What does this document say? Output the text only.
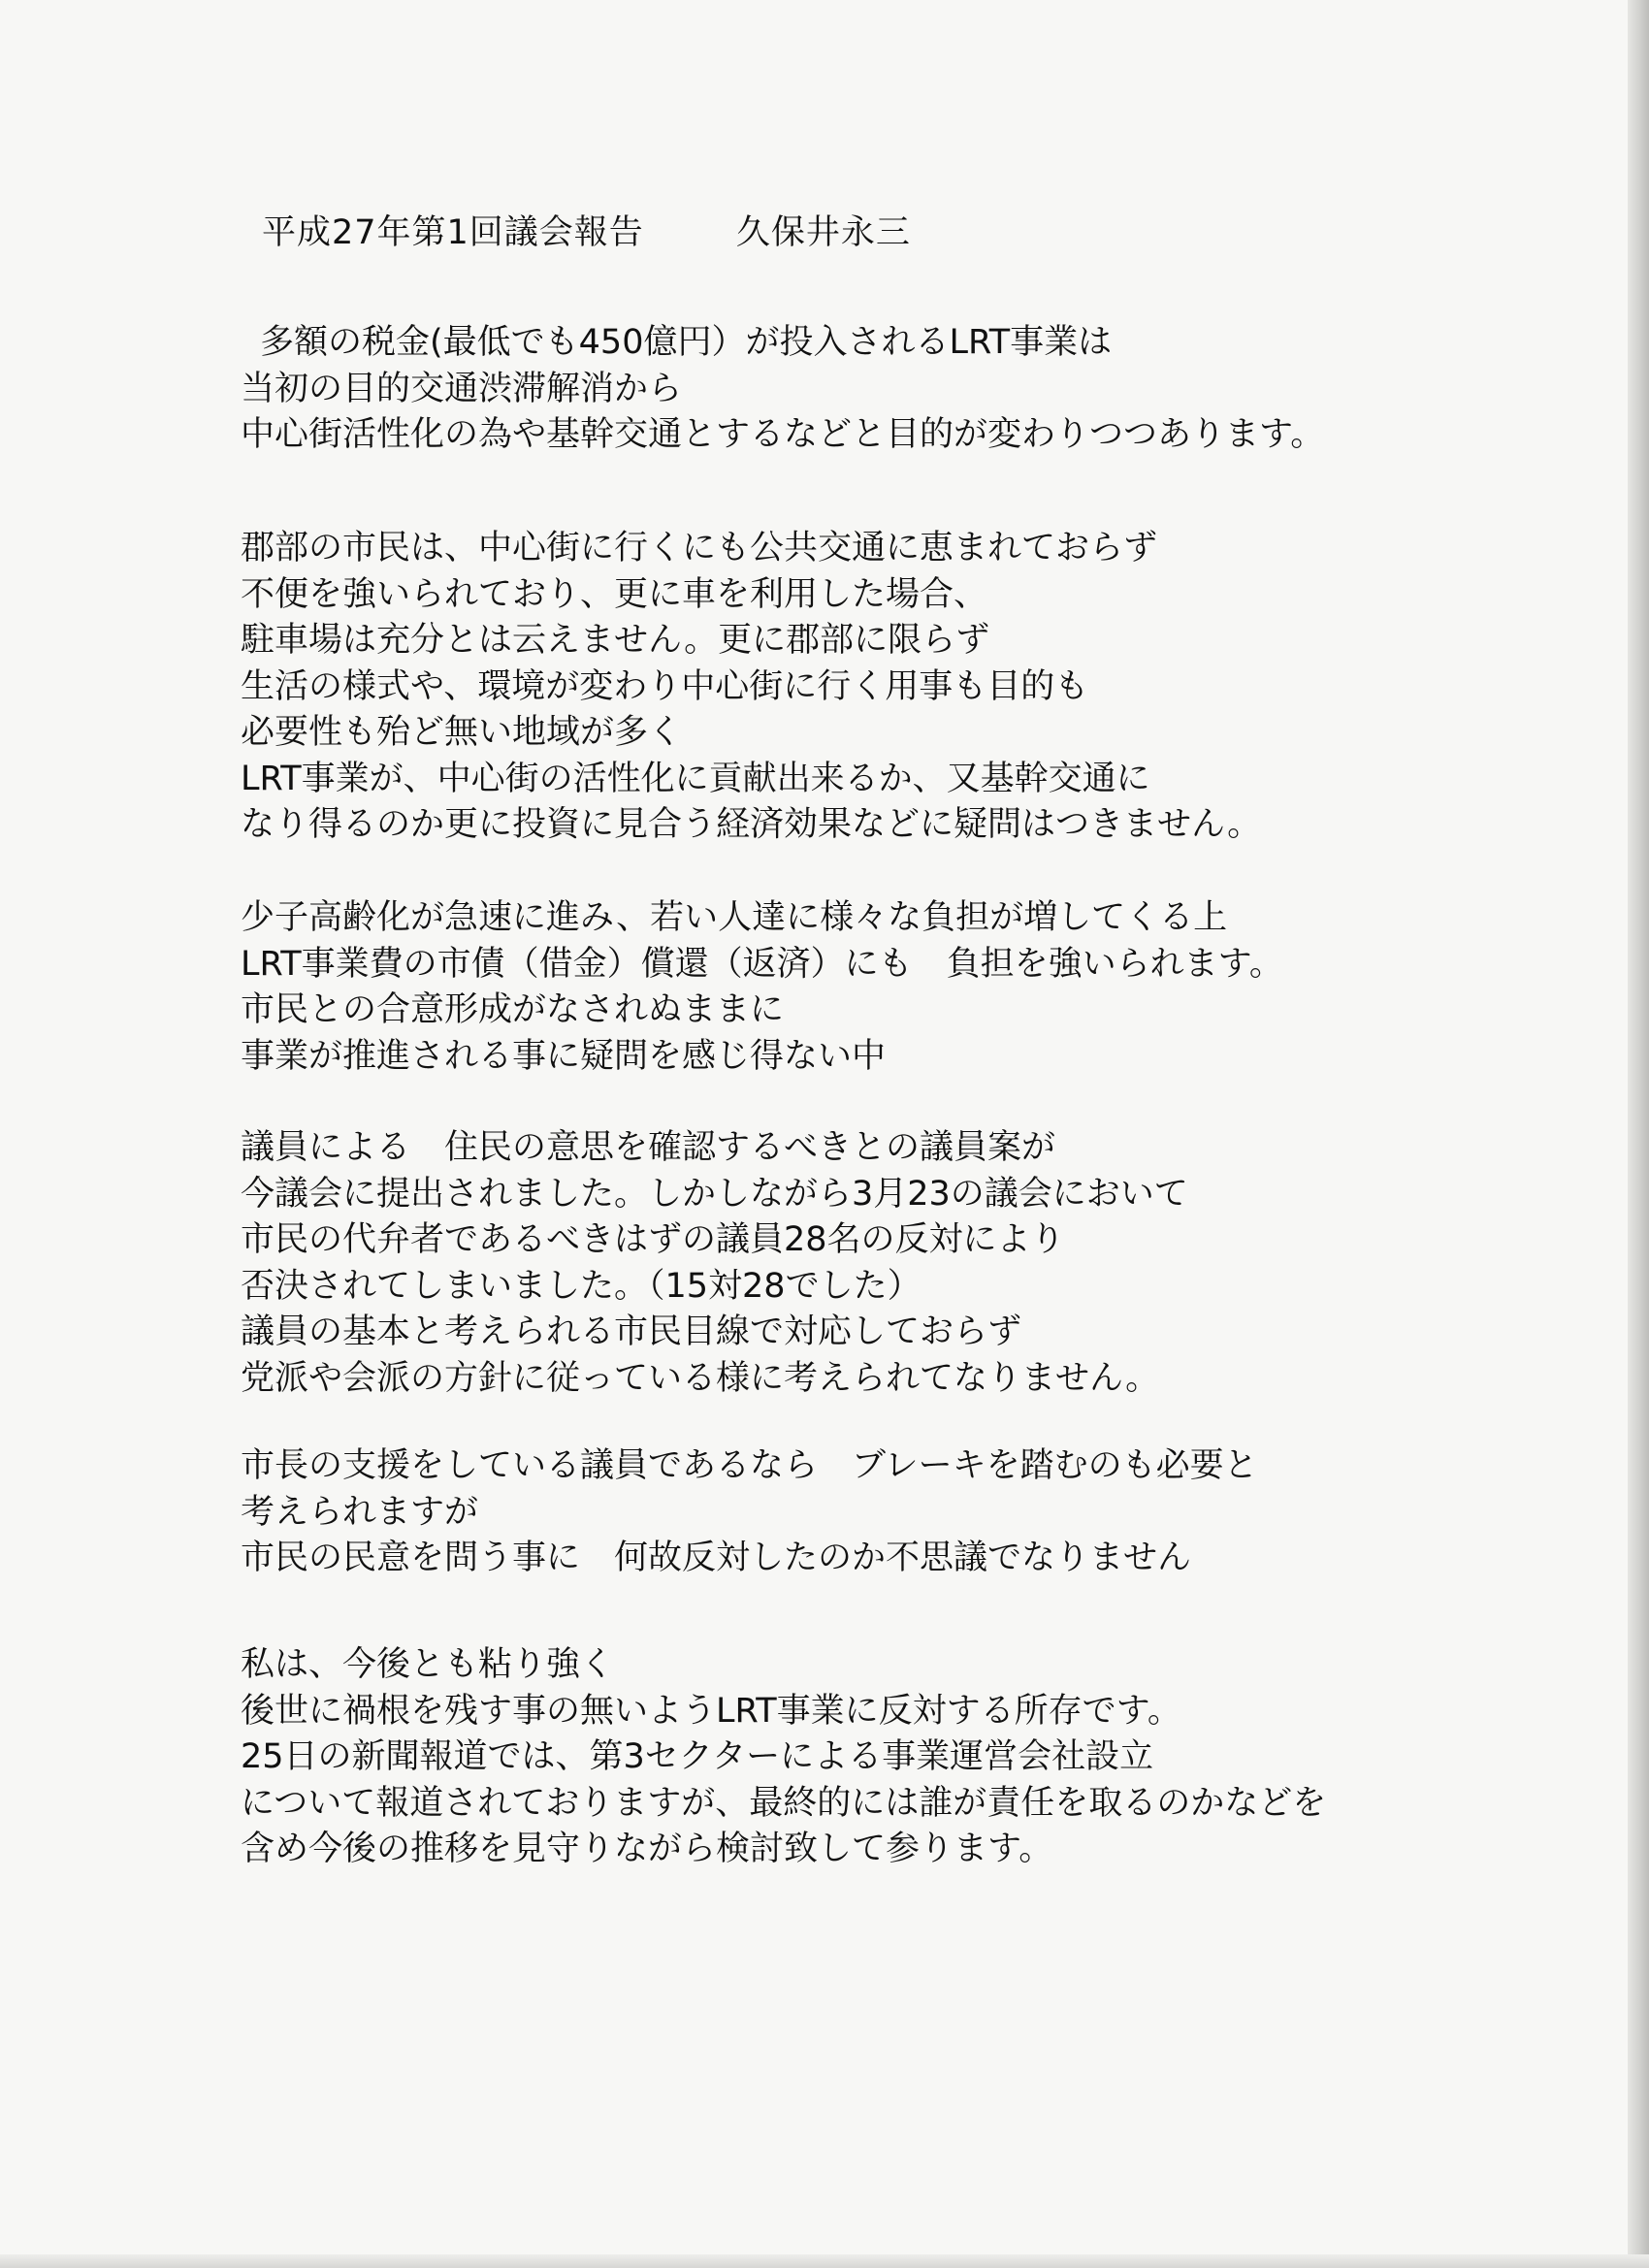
平成27年第1回議会報告	久保井永三

多額の税金(最低でも450億円）が投入されるLRT事業は
当初の目的交通渋滞解消から
中心街活性化の為や基幹交通とするなどと目的が変わりつつあります。

郡部の市民は、中心街に行くにも公共交通に恵まれておらず
不便を強いられており、更に車を利用した場合、
駐車場は充分とは云えません。更に郡部に限らず
生活の様式や、環境が変わり中心街に行く用事も目的も
必要性も殆ど無い地域が多く
LRT事業が、中心街の活性化に貢献出来るか、又基幹交通に
なり得るのか更に投資に見合う経済効果などに疑問はつきません。

少子高齢化が急速に進み、若い人達に様々な負担が増してくる上
LRT事業費の市債（借金）償還（返済）にも　負担を強いられます。
市民との合意形成がなされぬままに
事業が推進される事に疑問を感じ得ない中

議員による　住民の意思を確認するべきとの議員案が
今議会に提出されました。しかしながら3月23の議会において
市民の代弁者であるべきはずの議員28名の反対により
否決されてしまいました。（15対28でした）
議員の基本と考えられる市民目線で対応しておらず
党派や会派の方針に従っている様に考えられてなりません。

市長の支援をしている議員であるなら　ブレーキを踏むのも必要と
考えられますが
市民の民意を問う事に　何故反対したのか不思議でなりません

私は、今後とも粘り強く
後世に禍根を残す事の無いようLRT事業に反対する所存です。
25日の新聞報道では、第3セクターによる事業運営会社設立
について報道されておりますが、最終的には誰が責任を取るのかなどを
含め今後の推移を見守りながら検討致して参ります。
